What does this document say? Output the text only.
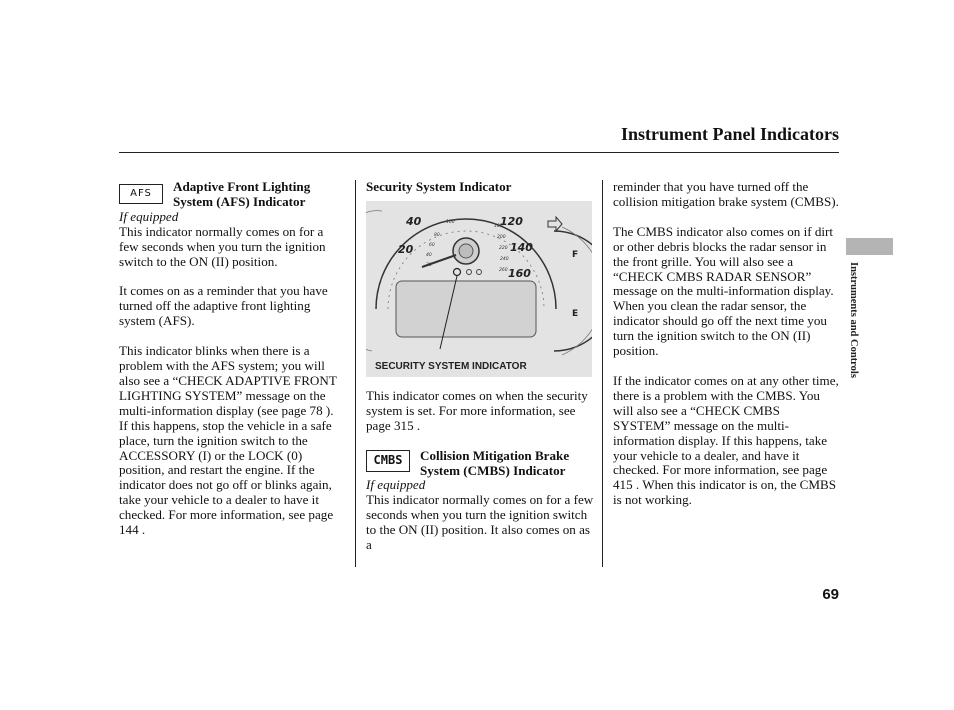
Instrument Panel Indicators
AFS	Adaptive Front Lighting System (AFS) Indicator
If equipped

This indicator normally comes on for a few seconds when you turn the ignition switch to the ON (II) position.

It comes on as a reminder that you have turned off the adaptive front lighting system (AFS).

This indicator blinks when there is a problem with the AFS system; you will also see a “CHECK ADAPTIVE FRONT LIGHTING SYSTEM” message on the multi-information display (see page 78 ). If this happens, stop the vehicle in a safe place, turn the ignition switch to the ACCESSORY (I) or the LOCK (0) position, and restart the engine. If the indicator does not go off or blinks again, take your vehicle to a dealer to have it checked. For more information, see page 144 .

Security System Indicator
80
60
40
20
100
180
200
220
240
260
40
20
120
140
160
F
E
SECURITY SYSTEM INDICATOR

This indicator comes on when the security system is set. For more information, see page 315 .

CMBS	Collision Mitigation Brake System (CMBS) Indicator
If equipped

This indicator normally comes on for a few seconds when you turn the ignition switch to the ON (II) position. It also comes on as a

reminder that you have turned off the collision mitigation brake system (CMBS).

The CMBS indicator also comes on if dirt or other debris blocks the radar sensor in the front grille. You will also see a “CHECK CMBS RADAR SENSOR” message on the multi-information display. When you clean the radar sensor, the indicator should go off the next time you turn the ignition switch to the ON (II) position.

If the indicator comes on at any other time, there is a problem with the CMBS. You will also see a “CHECK CMBS SYSTEM” message on the multi-information display. If this happens, take your vehicle to a dealer, and have it checked. For more information, see page 415 . When this indicator is on, the CMBS is not working.

Instruments and Controls
69
